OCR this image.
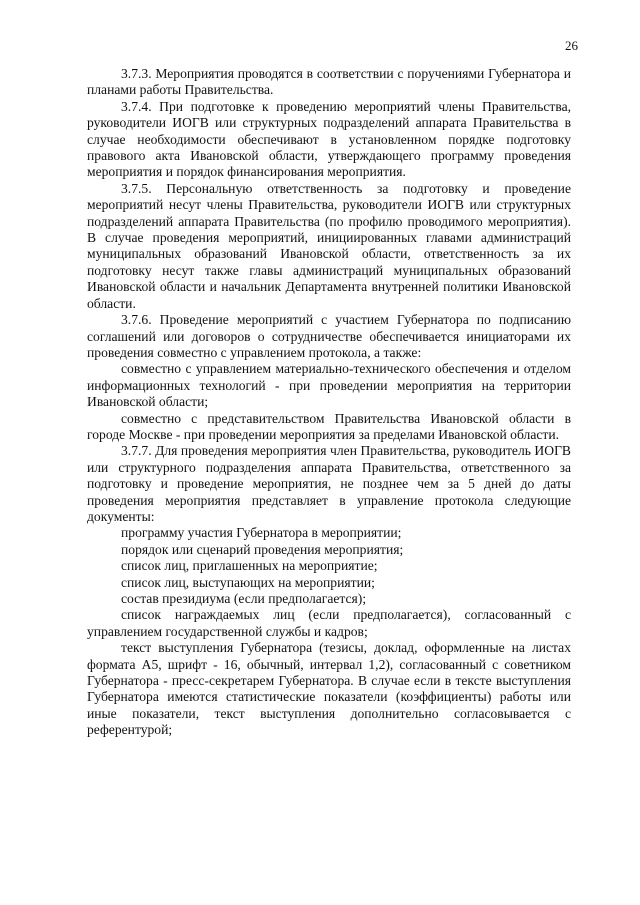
26

3.7.3. Мероприятия проводятся в соответствии с поручениями Губернатора и планами работы Правительства.

3.7.4. При подготовке к проведению мероприятий члены Правительства, руководители ИОГВ или структурных подразделений аппарата Правительства в случае необходимости обеспечивают в установленном порядке подготовку правового акта Ивановской области, утверждающего программу проведения мероприятия и порядок финансирования мероприятия.

3.7.5. Персональную ответственность за подготовку и проведение мероприятий несут члены Правительства, руководители ИОГВ или структурных подразделений аппарата Правительства (по профилю проводимого мероприятия). В случае проведения мероприятий, инициированных главами администраций муниципальных образований Ивановской области, ответственность за их подготовку несут также главы администраций муниципальных образований Ивановской области и начальник Департамента внутренней политики Ивановской области.

3.7.6. Проведение мероприятий с участием Губернатора по подписанию соглашений или договоров о сотрудничестве обеспечивается инициаторами их проведения совместно с управлением протокола, а также:

совместно с управлением материально-технического обеспечения и отделом информационных технологий - при проведении мероприятия на территории Ивановской области;

совместно с представительством Правительства Ивановской области в городе Москве - при проведении мероприятия за пределами Ивановской области.

3.7.7. Для проведения мероприятия член Правительства, руководитель ИОГВ или структурного подразделения аппарата Правительства, ответственного за подготовку и проведение мероприятия, не позднее чем за 5 дней до даты проведения мероприятия представляет в управление протокола следующие документы:

программу участия Губернатора в мероприятии;

порядок или сценарий проведения мероприятия;

список лиц, приглашенных на мероприятие;

список лиц, выступающих на мероприятии;

состав президиума (если предполагается);

список награждаемых лиц (если предполагается), согласованный с управлением государственной службы и кадров;

текст выступления Губернатора (тезисы, доклад, оформленные на листах формата А5, шрифт - 16, обычный, интервал 1,2), согласованный с советником Губернатора - пресс-секретарем Губернатора. В случае если в тексте выступления Губернатора имеются статистические показатели (коэффициенты) работы или иные показатели, текст выступления дополнительно согласовывается с референтурой;
